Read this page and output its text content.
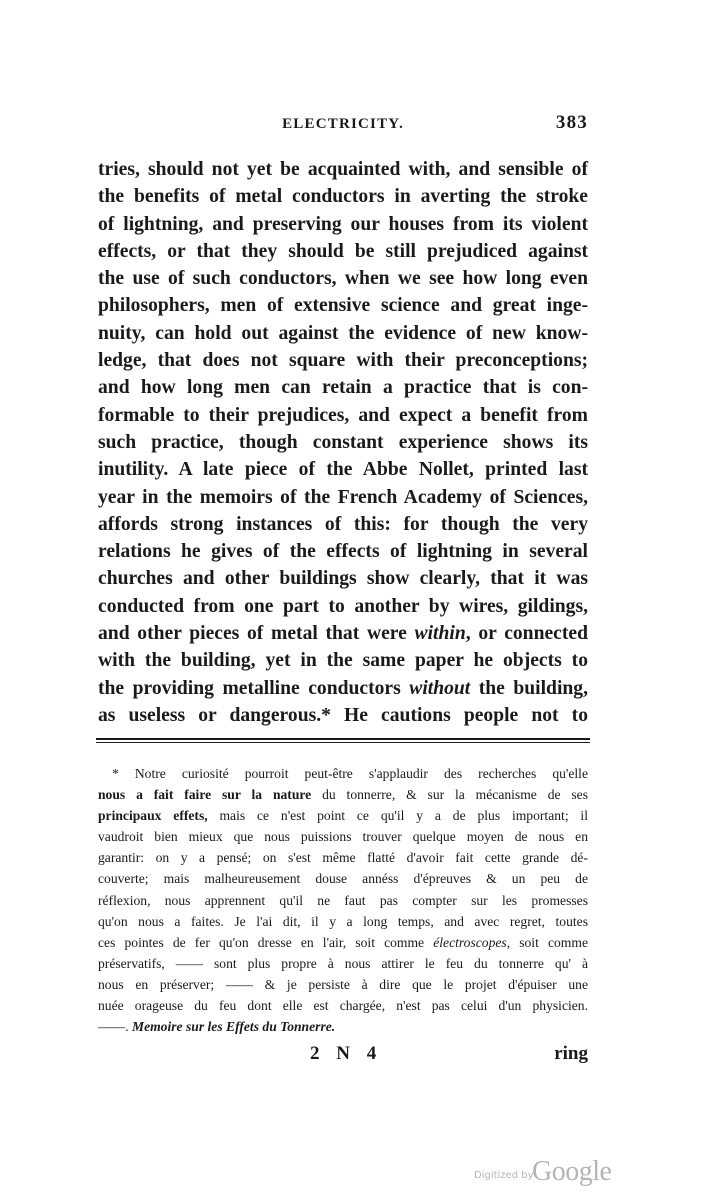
ELECTRICITY.	383
tries, should not yet be acquainted with, and sensible of
the benefits of metal conductors in averting the stroke
of lightning, and preserving our houses from its violent
effects, or that they should be still prejudiced against
the use of such conductors, when we see how long even
philosophers, men of extensive science and great inge-
nuity, can hold out against the evidence of new know-
ledge, that does not square with their preconceptions;
and how long men can retain a practice that is con-
formable to their prejudices, and expect a benefit from
such practice, though constant experience shows its
inutility. A late piece of the Abbe Nollet, printed last
year in the memoirs of the French Academy of Sciences,
affords strong instances of this: for though the very
relations he gives of the effects of lightning in several
churches and other buildings show clearly, that it was
conducted from one part to another by wires, gildings,
and other pieces of metal that were within, or connected
with the building, yet in the same paper he objects to
the providing metalline conductors without the building,
as useless or dangerous.* He cautions people not to
* Notre curiosité pourroit peut-être s'applaudir des recherches qu'elle
nous a fait faire sur la nature du tonnerre, & sur la mécanisme de ses
principaux effets, mais ce n'est point ce qu'il y a de plus important; il
vaudroit bien mieux que nous puissions trouver quelque moyen de nous en
garantir: on y a pensé; on s'est même flatté d'avoir fait cette grande dé-
couverte; mais malheureusement douse annéss d'épreuves & un peu de
réflexion, nous apprennent qu'il ne faut pas compter sur les promesses
qu'on nous a faites. Je l'ai dit, il y a long temps, and avec regret, toutes
ces pointes de fer qu'on dresse en l'air, soit comme électroscopes, soit comme
préservatifs, —— sont plus propre à nous attirer le feu du tonnerre qu' à
nous en préserver; —— & je persiste à dire que le projet d'épuiser une
nuée orageuse du feu dont elle est chargée, n'est pas celui d'un physicien.
——. Memoire sur les Effets du Tonnerre.
2 N 4	ring
Digitized by
Google
